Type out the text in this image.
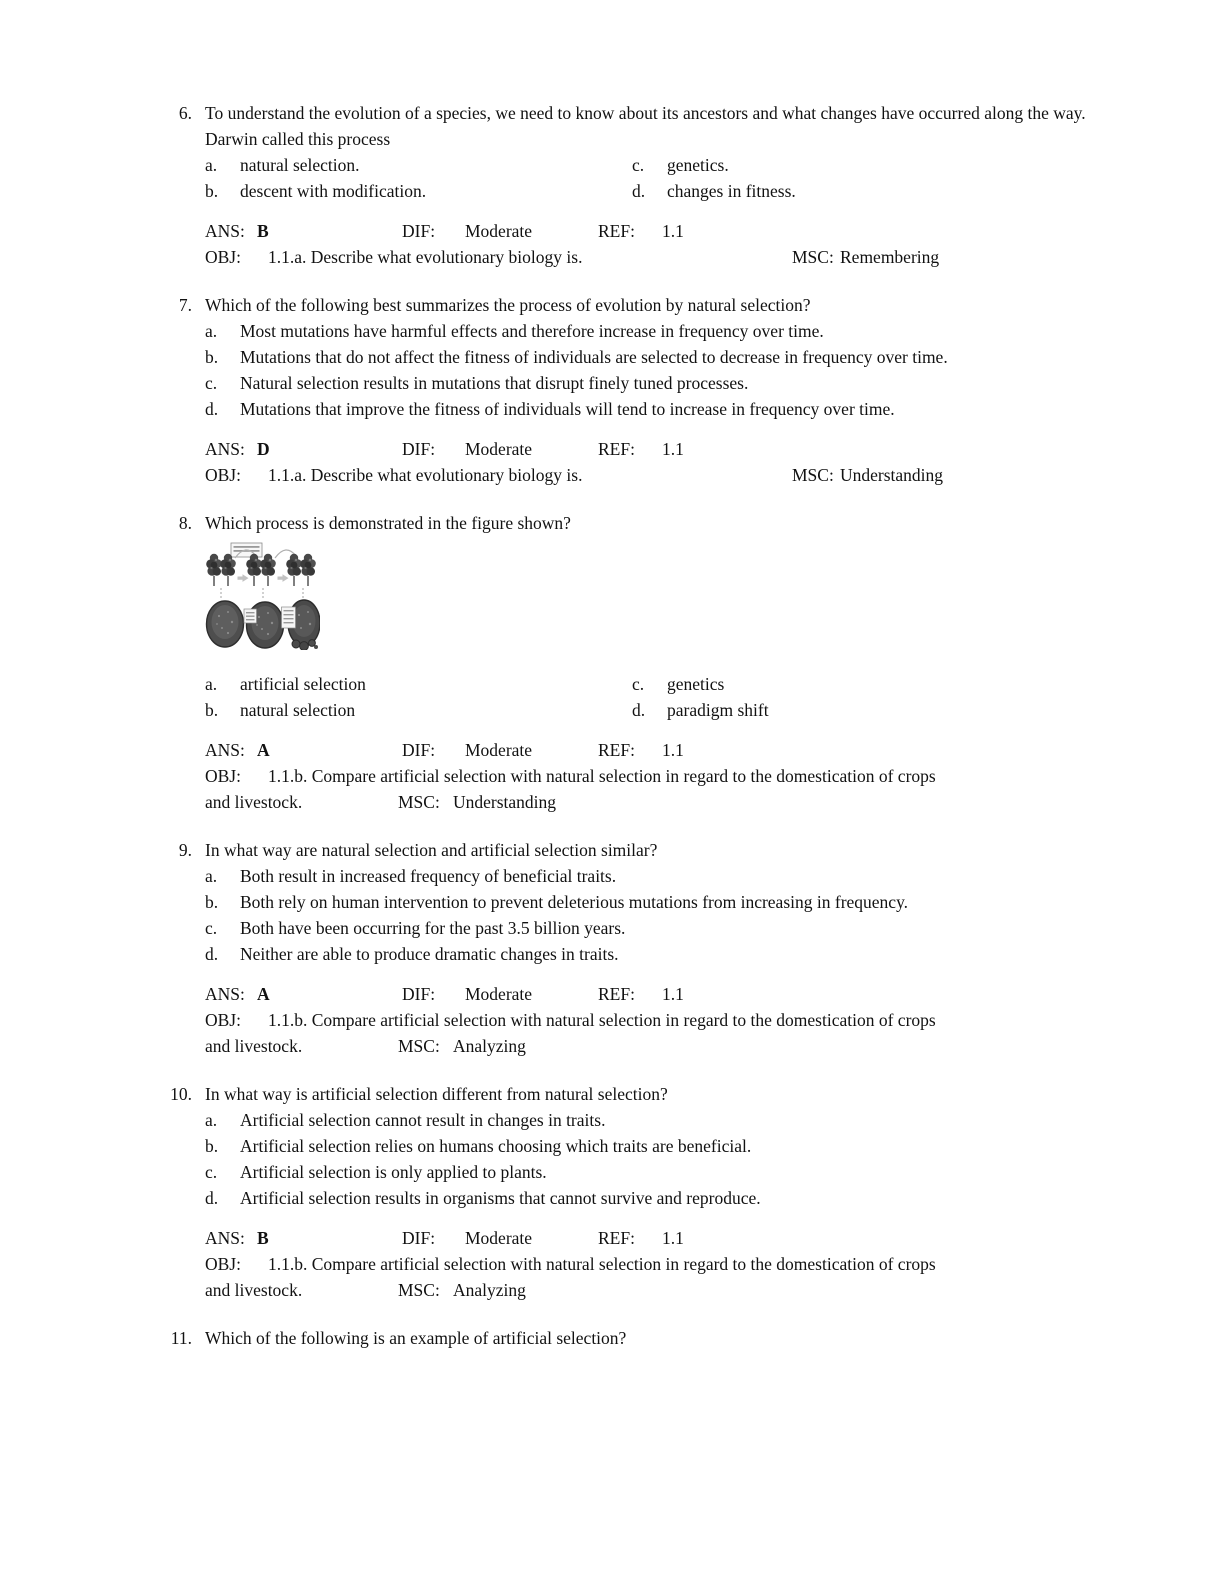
6. To understand the evolution of a species, we need to know about its ancestors and what changes have occurred along the way. Darwin called this process
a.	natural selection.	c.	genetics.
b.	descent with modification.	d.	changes in fitness.
ANS: B	DIF:	Moderate	REF:	1.1
OBJ: 1.1.a. Describe what evolutionary biology is.	MSC: Remembering
7. Which of the following best summarizes the process of evolution by natural selection?
a.	Most mutations have harmful effects and therefore increase in frequency over time.
b.	Mutations that do not affect the fitness of individuals are selected to decrease in frequency over time.
c.	Natural selection results in mutations that disrupt finely tuned processes.
d.	Mutations that improve the fitness of individuals will tend to increase in frequency over time.
ANS: D	DIF:	Moderate	REF:	1.1
OBJ: 1.1.a. Describe what evolutionary biology is.	MSC: Understanding
8. Which process is demonstrated in the figure shown?
a.	artificial selection	c.	genetics
b.	natural selection	d.	paradigm shift
ANS: A	DIF:	Moderate	REF:	1.1
OBJ: 1.1.b. Compare artificial selection with natural selection in regard to the domestication of crops
and livestock.	MSC: Understanding
9. In what way are natural selection and artificial selection similar?
a.	Both result in increased frequency of beneficial traits.
b.	Both rely on human intervention to prevent deleterious mutations from increasing in frequency.
c.	Both have been occurring for the past 3.5 billion years.
d.	Neither are able to produce dramatic changes in traits.
ANS: A	DIF:	Moderate	REF:	1.1
OBJ: 1.1.b. Compare artificial selection with natural selection in regard to the domestication of crops
and livestock.	MSC: Analyzing
10. In what way is artificial selection different from natural selection?
a.	Artificial selection cannot result in changes in traits.
b.	Artificial selection relies on humans choosing which traits are beneficial.
c.	Artificial selection is only applied to plants.
d.	Artificial selection results in organisms that cannot survive and reproduce.
ANS: B	DIF:	Moderate	REF:	1.1
OBJ: 1.1.b. Compare artificial selection with natural selection in regard to the domestication of crops
and livestock.	MSC: Analyzing
11. Which of the following is an example of artificial selection?
